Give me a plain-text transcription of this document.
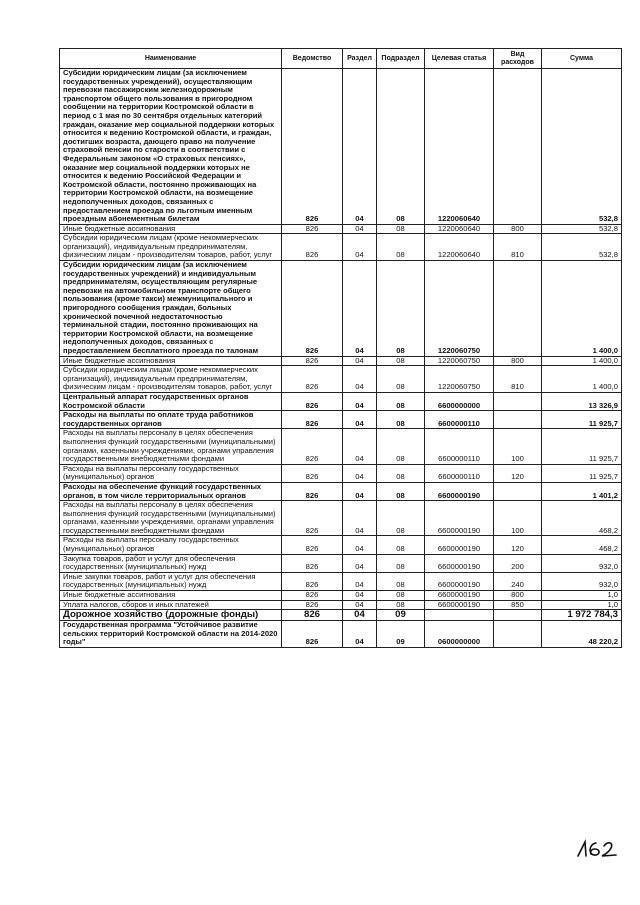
Наименование	Ведомство	Раздел	Подраздел	Целевая статья	Вид расходов	Сумма
Субсидии юридическим лицам (за исключением государственных учреждений), осуществляющим перевозки пассажирским железнодорожным транспортом общего пользования в пригородном сообщении на территории Костромской области в период с 1 мая по 30 сентября отдельных категорий граждан, оказание мер социальной поддержки которых относится к ведению Костромской области, и граждан, достигших возраста, дающего право на получение страховой пенсии по старости в соответствии с Федеральным законом «О страховых пенсиях», оказание мер социальной поддержки которых не относится к ведению Российской Федерации и Костромской области, постоянно проживающих на территории Костромской области, на возмещение недополученных доходов, связанных с предоставлением проезда по льготным именным проездным абонементным билетам	826	04	08	1220060640		532,8
Иные бюджетные ассигнования	826	04	08	1220060640	800	532,8
Субсидии юридическим лицам (кроме некоммерческих организаций), индивидуальным предпринимателям, физическим лицам - производителям товаров, работ, услуг	826	04	08	1220060640	810	532,8
Субсидии юридическим лицам (за исключением государственных учреждений) и индивидуальным предпринимателям, осуществляющим регулярные перевозки на автомобильном транспорте общего пользования (кроме такси) межмуниципального и пригородного сообщения граждан, больных хронической почечной недостаточностью терминальной стадии, постоянно проживающих на территории Костромской области, на возмещение недополученных доходов, связанных с предоставлением бесплатного проезда по талонам	826	04	08	1220060750		1 400,0
Иные бюджетные ассигнования	826	04	08	1220060750	800	1 400,0
Субсидии юридическим лицам (кроме некоммерческих организаций), индивидуальным предпринимателям, физическим лицам - производителям товаров, работ, услуг	826	04	08	1220060750	810	1 400,0
Центральный аппарат государственных органов Костромской области	826	04	08	6600000000		13 326,9
Расходы на выплаты по оплате труда работников государственных органов	826	04	08	6600000110		11 925,7
Расходы на выплаты персоналу в целях обеспечения выполнения функций государственными (муниципальными) органами, казенными учреждениями, органами управления государственными внебюджетными фондами	826	04	08	6600000110	100	11 925,7
Расходы на выплаты персоналу государственных (муниципальных) органов	826	04	08	6600000110	120	11 925,7
Расходы на обеспечение функций государственных органов, в том числе территориальных органов	826	04	08	6600000190		1 401,2
Расходы на выплаты персоналу в целях обеспечения выполнения функций государственными (муниципальными) органами, казенными учреждениями, органами управления государственными внебюджетными фондами	826	04	08	6600000190	100	468,2
Расходы на выплаты персоналу государственных (муниципальных) органов	826	04	08	6600000190	120	468,2
Закупка товаров, работ и услуг для обеспечения государственных (муниципальных) нужд	826	04	08	6600000190	200	932,0
Иные закупки товаров, работ и услуг для обеспечения государственных (муниципальных) нужд	826	04	08	6600000190	240	932,0
Иные бюджетные ассигнования	826	04	08	6600000190	800	1,0
Уплата налогов, сборов и иных платежей	826	04	08	6600000190	850	1,0
Дорожное хозяйство (дорожные фонды)	826	04	09			1 972 784,3
Государственная программа "Устойчивое развитие сельских территорий Костромской области на 2014-2020 годы"	826	04	09	0600000000		48 220,2
